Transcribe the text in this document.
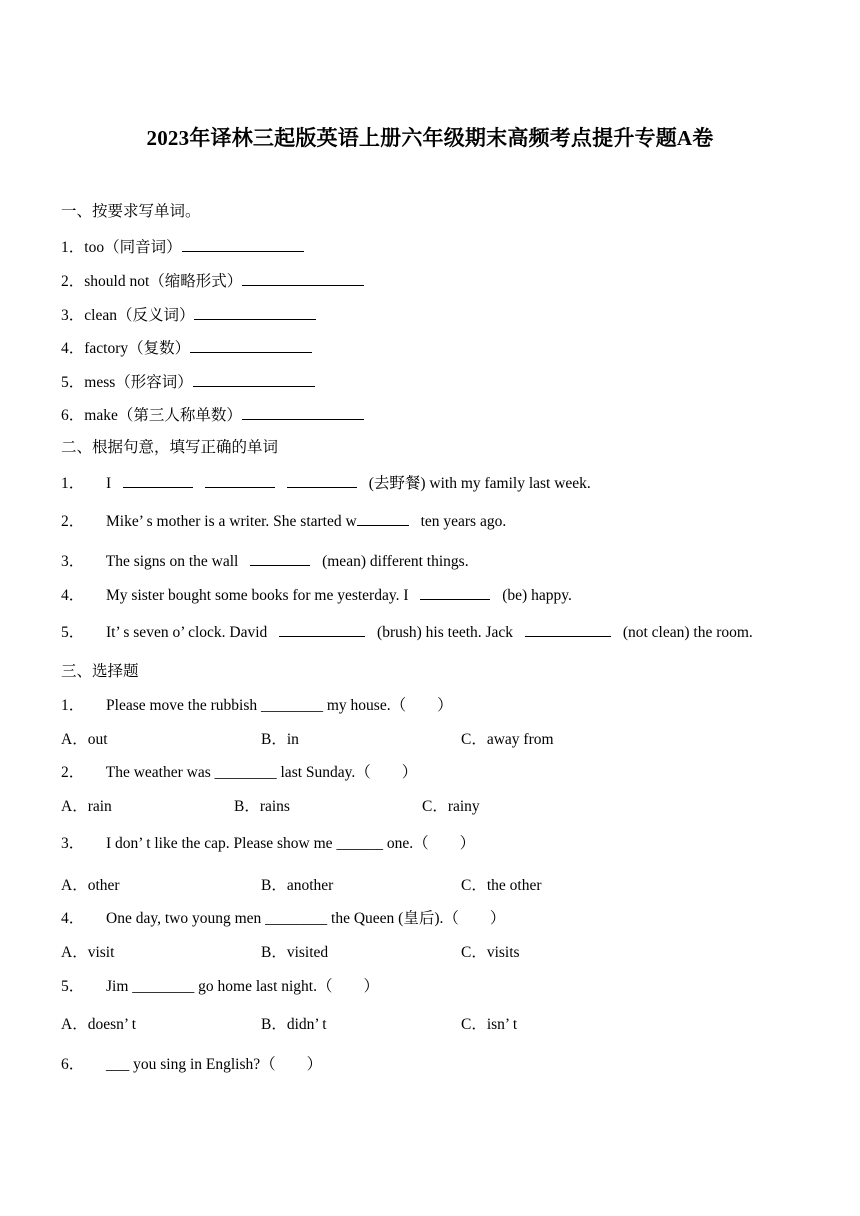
2023年译林三起版英语上册六年级期末高频考点提升专题A卷
一、按要求写单词。
1．too（同音词）
2．should not（缩略形式）
3．clean（反义词）
4．factory（复数）
5．mess（形容词）
6．make（第三人称单数）
二、根据句意，填写正确的单词
1． I	(去野餐) with my family last week.
2． Mike’ s mother is a writer. She started w	ten years ago.
3． The signs on the wall	(mean) different things.
4． My sister bought some books for me yesterday. I	(be) happy.
5． It’ s seven o’ clock. David	(brush) his teeth. Jack	(not clean) the room.
三、选择题
1． Please move the rubbish ________ my house.（　　）
A．out	B．in	C．away from
2． The weather was ________ last Sunday.（　　）
A．rain	B．rains	C．rainy
3． I don’ t like the cap. Please show me ______ one.（　　）
A．other	B．another	C．the other
4． One day, two young men ________ the Queen (皇后).（　　）
A．visit	B．visited	C．visits
5． Jim ________ go home last night.（　　）
A．doesn’ t	B．didn’ t	C．isn’ t
6． ___ you sing in English?（　　）
